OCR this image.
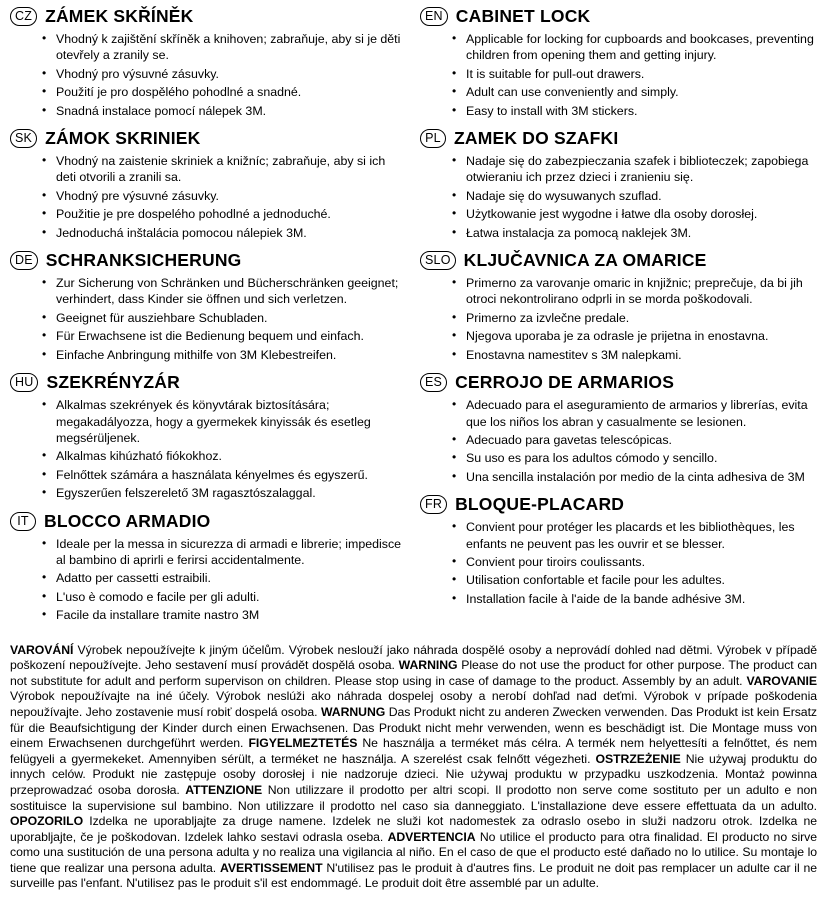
CZ ZÁMEK SKŘÍNĚK
• Vhodný k zajištění skříněk a knihoven; zabraňuje, aby si je děti otevřely a zranily se.
• Vhodný pro výsuvné zásuvky.
• Použití je pro dospělého pohodlné a snadné.
• Snadná instalace pomocí nálepek 3M.
SK ZÁMOK SKRINIEK
• Vhodný na zaistenie skriniek a knižníc; zabraňuje, aby si ich deti otvorili a zranili sa.
• Vhodný pre výsuvné zásuvky.
• Použitie je pre dospelého pohodlné a jednoduché.
• Jednoduchá inštalácia pomocou nálepiek 3M.
DE SCHRANKSICHERUNG
• Zur Sicherung von Schränken und Bücherschränken geeignet; verhindert, dass Kinder sie öffnen und sich verletzen.
• Geeignet für ausziehbare Schubladen.
• Für Erwachsene ist die Bedienung bequem und einfach.
• Einfache Anbringung mithilfe von 3M Klebestreifen.
HU SZEKRÉNYZÁR
• Alkalmas szekrények és könyvtárak biztosítására; megakadályozza, hogy a gyermekek kinyissák és esetleg megsérüljenek.
• Alkalmas kihúzható fiókokhoz.
• Felnőttek számára a használata kényelmes és egyszerű.
• Egyszerűen felszerelető 3M ragasztószalaggal.
IT BLOCCO ARMADIO
• Ideale per la messa in sicurezza di armadi e librerie; impedisce al bambino di aprirli e ferirsi accidentalmente.
• Adatto per cassetti estraibili.
• L'uso è comodo e facile per gli adulti.
• Facile da installare tramite nastro 3M
EN CABINET LOCK
• Applicable for locking for cupboards and bookcases, preventing children from opening them and getting injury.
• It is suitable for pull-out drawers.
• Adult can use conveniently and simply.
• Easy to install with 3M stickers.
PL ZAMEK DO SZAFKI
• Nadaje się do zabezpieczania szafek i biblioteczek; zapobiega otwieraniu ich przez dzieci i zranieniu się.
• Nadaje się do wysuwanych szuflad.
• Użytkowanie jest wygodne i łatwe dla osoby dorosłej.
• Łatwa instalacja za pomocą naklejek 3M.
SLO KLJUČAVNICA ZA OMARICE
• Primerno za varovanje omaric in knjižnic; preprečuje, da bi jih otroci nekontrolirano odprli in se morda poškodovali.
• Primerno za izvlečne predale.
• Njegova uporaba je za odrasle je prijetna in enostavna.
• Enostavna namestitev s 3M nalepkami.
ES CERROJO DE ARMARIOS
• Adecuado para el aseguramiento de armarios y librerías, evita que los niños los abran y casualmente se lesionen.
• Adecuado para gavetas telescópicas.
• Su uso es para los adultos cómodo y sencillo.
• Una sencilla instalación por medio de la cinta adhesiva de 3M
FR BLOQUE-PLACARD
• Convient pour protéger les placards et les bibliothèques, les enfants ne peuvent pas les ouvrir et se blesser.
• Convient pour tiroirs coulissants.
• Utilisation confortable et facile pour les adultes.
• Installation facile à l'aide de la bande adhésive 3M.
VAROVÁNÍ Výrobek nepoužívejte k jiným účelům. Výrobek neslouží jako náhrada dospělé osoby a neprovádí dohled nad dětmi. Výrobek v případě poškození nepoužívejte. Jeho sestavení musí provádět dospělá osoba. WARNING Please do not use the product for other purpose. The product can not substitute for adult and perform supervison on children. Please stop using in case of damage to the product. Assembly by an adult. VAROVANIE Výrobok nepoužívajte na iné účely. Výrobok neslúži ako náhrada dospelej osoby a nerobí dohľad nad deťmi. Výrobok v prípade poškodenia nepoužívajte. Jeho zostavenie musí robiť dospelá osoba. WARNUNG Das Produkt nicht zu anderen Zwecken verwenden. Das Produkt ist kein Ersatz für die Beaufsichtigung der Kinder durch einen Erwachsenen. Das Produkt nicht mehr verwenden, wenn es beschädigt ist. Die Montage muss von einem Erwachsenen durchgeführt werden. FIGYELMEZTETÉS Ne használja a terméket más célra. A termék nem helyettesíti a felnőttet, és nem felügyeli a gyermekeket. Amennyiben sérült, a terméket ne használja. A szerelést csak felnőtt végezheti. OSTRZEŻENIE Nie używaj produktu do innych celów. Produkt nie zastępuje osoby dorosłej i nie nadzoruje dzieci. Nie używaj produktu w przypadku uszkodzenia. Montaż powinna przeprowadzać osoba dorosła. ATTENZIONE Non utilizzare il prodotto per altri scopi. Il prodotto non serve come sostituto per un adulto e non sostituisce la supervisione sul bambino. Non utilizzare il prodotto nel caso sia danneggiato. L'installazione deve essere effettuata da un adulto. OPOZORILO Izdelka ne uporabljajte za druge namene. Izdelek ne služi kot nadomestek za odraslo osebo in služi nadzoru otrok. Izdelka ne uporabljajte, če je poškodovan. Izdelek lahko sestavi odrasla oseba. ADVERTENCIA No utilice el producto para otra finalidad. El producto no sirve como una sustitución de una persona adulta y no realiza una vigilancia al niño. En el caso de que el producto esté dañado no lo utilice. Su montaje lo tiene que realizar una persona adulta. AVERTISSEMENT N'utilisez pas le produit à d'autres fins. Le produit ne doit pas remplacer un adulte car il ne surveille pas l'enfant. N'utilisez pas le produit s'il est endommagé. Le produit doit être assemblé par un adulte.
